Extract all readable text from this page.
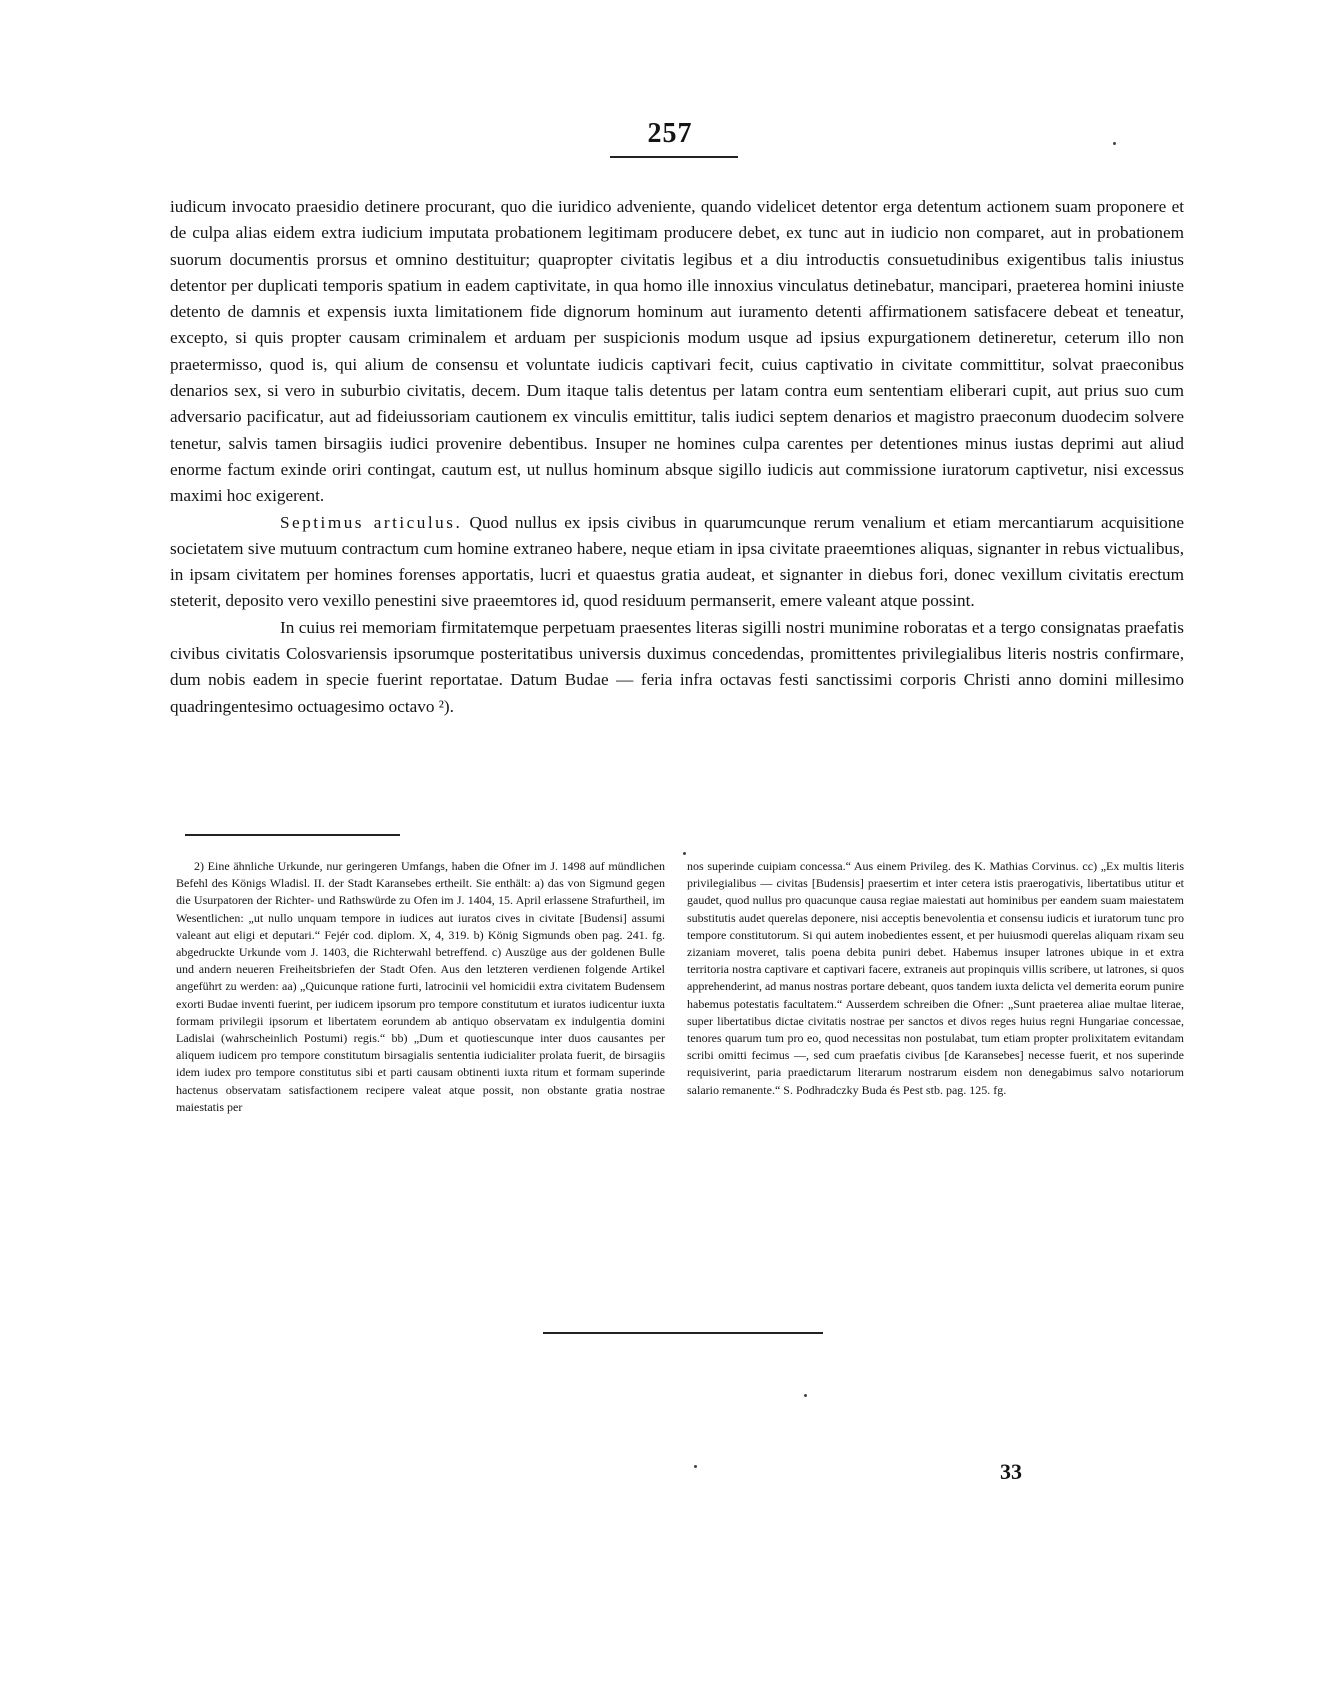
257

iudicum invocato praesidio detinere procurant, quo die iuridico adveniente, quando videlicet detentor erga detentum actionem suam proponere et de culpa alias eidem extra iudicium imputata probationem legitimam producere debet, ex tunc aut in iudicio non comparet, aut in probationem suorum documentis prorsus et omnino destituitur; quapropter civitatis legibus et a diu introductis consuetudinibus exigentibus talis iniustus detentor per duplicati temporis spatium in eadem captivitate, in qua homo ille innoxius vinculatus detinebatur, mancipari, praeterea homini iniuste detento de damnis et expensis iuxta limitationem fide dignorum hominum aut iuramento detenti affirmationem satisfacere debeat et teneatur, excepto, si quis propter causam criminalem et arduam per suspicionis modum usque ad ipsius expurgationem detineretur, ceterum illo non praetermisso, quod is, qui alium de consensu et voluntate iudicis captivari fecit, cuius captivatio in civitate committitur, solvat praeconibus denarios sex, si vero in suburbio civitatis, decem. Dum itaque talis detentus per latam contra eum sententiam eliberari cupit, aut prius suo cum adversario pacificatur, aut ad fideiussoriam cautionem ex vinculis emittitur, talis iudici septem denarios et magistro praeconum duodecim solvere tenetur, salvis tamen birsagiis iudici provenire debentibus. Insuper ne homines culpa carentes per detentiones minus iustas deprimi aut aliud enorme factum exinde oriri contingat, cautum est, ut nullus hominum absque sigillo iudicis aut commissione iuratorum captivetur, nisi excessus maximi hoc exigerent.

Septimus articulus. Quod nullus ex ipsis civibus in quarumcunque rerum venalium et etiam mercantiarum acquisitione societatem sive mutuum contractum cum homine extraneo habere, neque etiam in ipsa civitate praeemtiones aliquas, signanter in rebus victualibus, in ipsam civitatem per homines forenses apportatis, lucri et quaestus gratia audeat, et signanter in diebus fori, donec vexillum civitatis erectum steterit, deposito vero vexillo penestini sive praeemtores id, quod residuum permanserit, emere valeant atque possint.

In cuius rei memoriam firmitatemque perpetuam praesentes literas sigilli nostri munimine roboratas et a tergo consignatas praefatis civibus civitatis Colosvariensis ipsorumque posteritatibus universis duximus concedendas, promittentes privilegialibus literis nostris confirmare, dum nobis eadem in specie fuerint reportatae. Datum Budae — feria infra octavas festi sanctissimi corporis Christi anno domini millesimo quadringentesimo octuagesimo octavo ²).

2) Eine ähnliche Urkunde, nur geringeren Umfangs, haben die Ofner im J. 1498 auf mündlichen Befehl des Königs Wladisl. II. der Stadt Karansebes ertheilt. Sie enthält: a) das von Sigmund gegen die Usurpatoren der Richter- und Rathswürde zu Ofen im J. 1404, 15. April erlassene Strafurtheil, im Wesentlichen: „ut nullo unquam tempore in iudices aut iuratos cives in civitate [Budensi] assumi valeant aut eligi et deputari.“ Fejér cod. diplom. X, 4, 319. b) König Sigmunds oben pag. 241. fg. abgedruckte Urkunde vom J. 1403, die Richterwahl betreffend. c) Auszüge aus der goldenen Bulle und andern neueren Freiheitsbriefen der Stadt Ofen. Aus den letzteren verdienen folgende Artikel angeführt zu werden: aa) „Quicunque ratione furti, latrocinii vel homicidii extra civitatem Budensem exorti Budae inventi fuerint, per iudicem ipsorum pro tempore constitutum et iuratos iudicentur iuxta formam privilegii ipsorum et libertatem eorundem ab antiquo observatam ex indulgentia domini Ladislai (wahrscheinlich Postumi) regis.“ bb) „Dum et quotiescunque inter duos causantes per aliquem iudicem pro tempore constitutum birsagialis sententia iudicialiter prolata fuerit, de birsagiis idem iudex pro tempore constitutus sibi et parti causam obtinenti iuxta ritum et formam superinde hactenus observatam satisfactionem recipere valeat atque possit, non obstante gratia nostrae maiestatis per

nos superinde cuipiam concessa.“ Aus einem Privileg. des K. Mathias Corvinus. cc) „Ex multis literis privilegialibus — civitas [Budensis] praesertim et inter cetera istis praerogativis, libertatibus utitur et gaudet, quod nullus pro quacunque causa regiae maiestati aut hominibus per eandem suam maiestatem substitutis audet querelas deponere, nisi acceptis benevolentia et consensu iudicis et iuratorum tunc pro tempore constitutorum. Si qui autem inobedientes essent, et per huiusmodi querelas aliquam rixam seu zizaniam moveret, talis poena debita puniri debet. Habemus insuper latrones ubique in et extra territoria nostra captivare et captivari facere, extraneis aut propinquis villis scribere, ut latrones, si quos apprehenderint, ad manus nostras portare debeant, quos tandem iuxta delicta vel demerita eorum punire habemus potestatis facultatem.“ Ausserdem schreiben die Ofner: „Sunt praeterea aliae multae literae, super libertatibus dictae civitatis nostrae per sanctos et divos reges huius regni Hungariae concessae, tenores quarum tum pro eo, quod necessitas non postulabat, tum etiam propter prolixitatem evitandam scribi omitti fecimus —, sed cum praefatis civibus [de Karansebes] necesse fuerit, et nos superinde requisiverint, paria praedictarum literarum nostrarum eisdem non denegabimus salvo notariorum salario remanente.“ S. Podhradczky Buda és Pest stb. pag. 125. fg.

33
